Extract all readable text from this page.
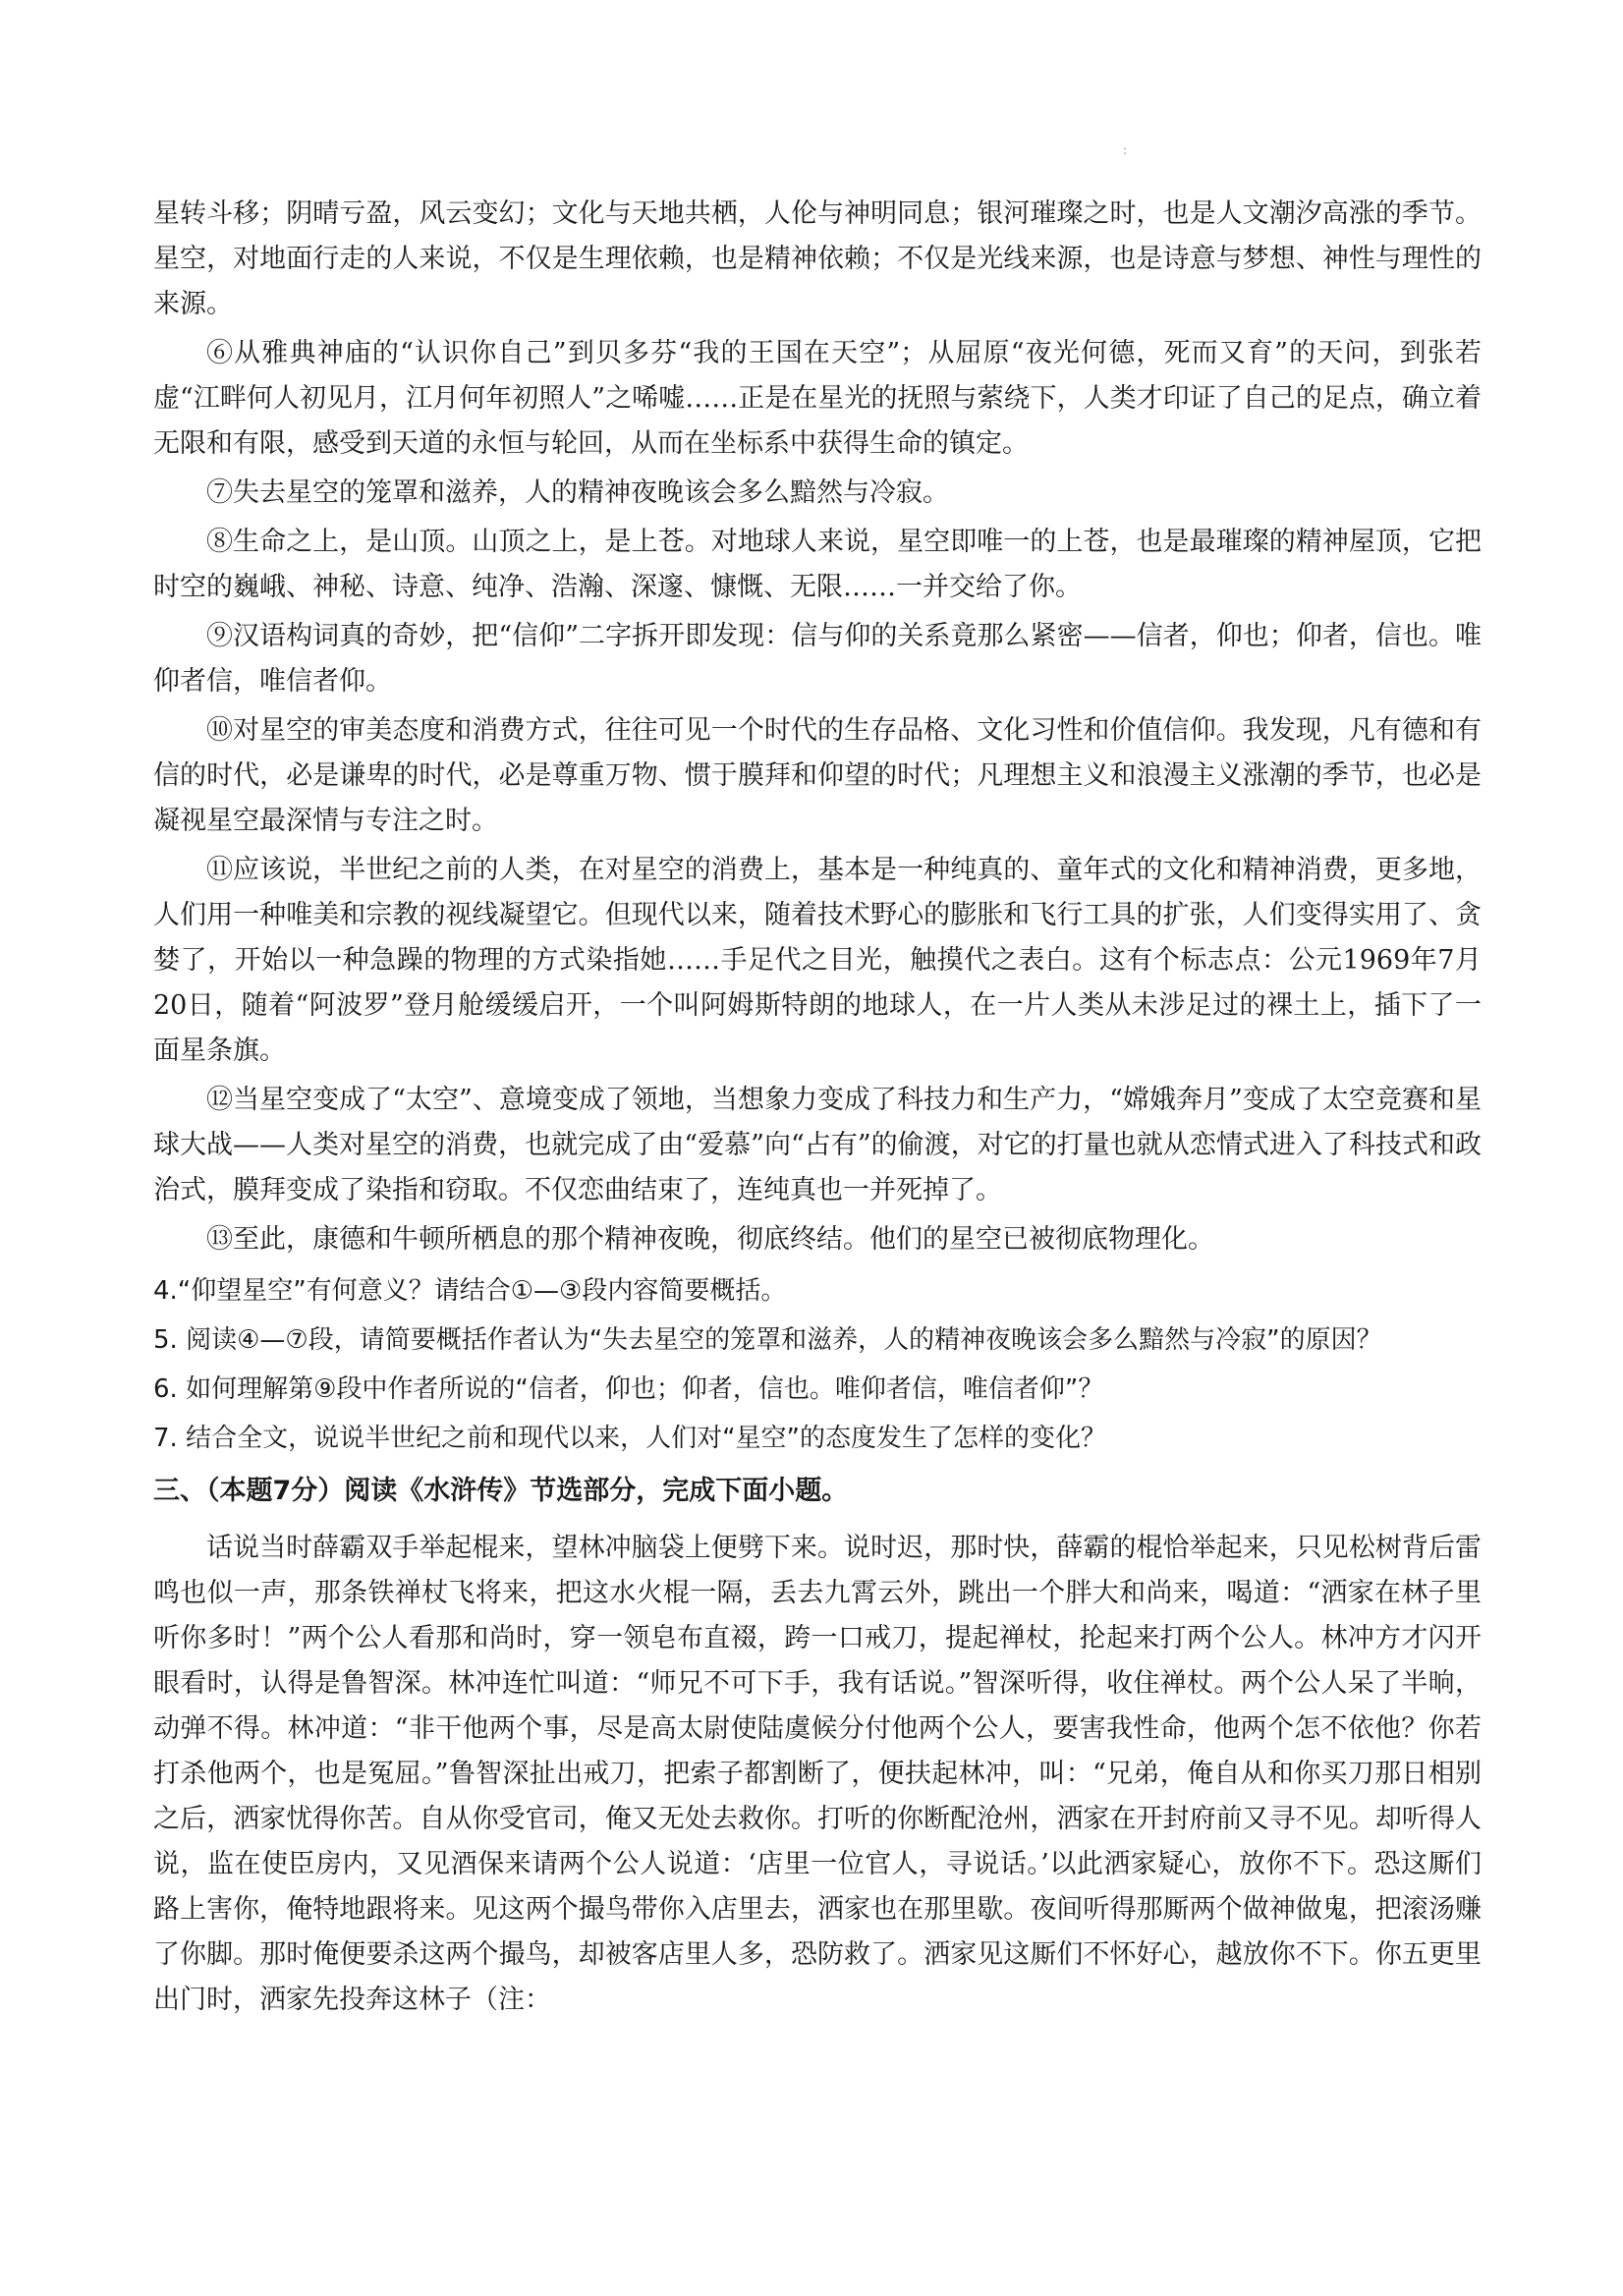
:

星转斗移；阴晴亏盈，风云变幻；文化与天地共栖，人伦与神明同息；银河璀璨之时，也是人文潮汐高涨的季节。星空，对地面行走的人来说，不仅是生理依赖，也是精神依赖；不仅是光线来源，也是诗意与梦想、神性与理性的来源。

⑥从雅典神庙的“认识你自己”到贝多芬“我的王国在天空”；从屈原“夜光何德，死而又育”的天问，到张若虚“江畔何人初见月，江月何年初照人”之唏嘘……正是在星光的抚照与萦绕下，人类才印证了自己的足点，确立着无限和有限，感受到天道的永恒与轮回，从而在坐标系中获得生命的镇定。

⑦失去星空的笼罩和滋养，人的精神夜晚该会多么黯然与冷寂。

⑧生命之上，是山顶。山顶之上，是上苍。对地球人来说，星空即唯一的上苍，也是最璀璨的精神屋顶，它把时空的巍峨、神秘、诗意、纯净、浩瀚、深邃、慷慨、无限……一并交给了你。

⑨汉语构词真的奇妙，把“信仰”二字拆开即发现：信与仰的关系竟那么紧密——信者，仰也；仰者，信也。唯仰者信，唯信者仰。

⑩对星空的审美态度和消费方式，往往可见一个时代的生存品格、文化习性和价值信仰。我发现，凡有德和有信的时代，必是谦卑的时代，必是尊重万物、惯于膜拜和仰望的时代；凡理想主义和浪漫主义涨潮的季节，也必是凝视星空最深情与专注之时。

⑪应该说，半世纪之前的人类，在对星空的消费上，基本是一种纯真的、童年式的文化和精神消费，更多地，人们用一种唯美和宗教的视线凝望它。但现代以来，随着技术野心的膨胀和飞行工具的扩张，人们变得实用了、贪婪了，开始以一种急躁的物理的方式染指她……手足代之目光，触摸代之表白。这有个标志点：公元1969年7月20日，随着“阿波罗”登月舱缓缓启开，一个叫阿姆斯特朗的地球人，在一片人类从未涉足过的裸土上，插下了一面星条旗。

⑫当星空变成了“太空”、意境变成了领地，当想象力变成了科技力和生产力，“嫦娥奔月”变成了太空竞赛和星球大战——人类对星空的消费，也就完成了由“爱慕”向“占有”的偷渡，对它的打量也就从恋情式进入了科技式和政治式，膜拜变成了染指和窃取。不仅恋曲结束了，连纯真也一并死掉了。

⑬至此，康德和牛顿所栖息的那个精神夜晚，彻底终结。他们的星空已被彻底物理化。

4.“仰望星空”有何意义？请结合①—③段内容简要概括。

5. 阅读④—⑦段，请简要概括作者认为“失去星空的笼罩和滋养，人的精神夜晚该会多么黯然与冷寂”的原因？

6. 如何理解第⑨段中作者所说的“信者，仰也；仰者，信也。唯仰者信，唯信者仰”？

7. 结合全文，说说半世纪之前和现代以来，人们对“星空”的态度发生了怎样的变化？

三、（本题7分）阅读《水浒传》节选部分，完成下面小题。

话说当时薛霸双手举起棍来，望林冲脑袋上便劈下来。说时迟，那时快，薛霸的棍恰举起来，只见松树背后雷鸣也似一声，那条铁禅杖飞将来，把这水火棍一隔，丢去九霄云外，跳出一个胖大和尚来，喝道：“洒家在林子里听你多时！”两个公人看那和尚时，穿一领皂布直裰，跨一口戒刀，提起禅杖，抡起来打两个公人。林冲方才闪开眼看时，认得是鲁智深。林冲连忙叫道：“师兄不可下手，我有话说。”智深听得，收住禅杖。两个公人呆了半晌，动弹不得。林冲道：“非干他两个事，尽是高太尉使陆虞候分付他两个公人，要害我性命，他两个怎不依他？你若打杀他两个，也是冤屈。”鲁智深扯出戒刀，把索子都割断了，便扶起林冲，叫：“兄弟，俺自从和你买刀那日相别之后，洒家忧得你苦。自从你受官司，俺又无处去救你。打听的你断配沧州，洒家在开封府前又寻不见。却听得人说，监在使臣房内，又见酒保来请两个公人说道：‘店里一位官人，寻说话。’以此洒家疑心，放你不下。恐这厮们路上害你，俺特地跟将来。见这两个撮鸟带你入店里去，洒家也在那里歇。夜间听得那厮两个做神做鬼，把滚汤赚了你脚。那时俺便要杀这两个撮鸟，却被客店里人多，恐防救了。洒家见这厮们不怀好心，越放你不下。你五更里出门时，洒家先投奔这林子（注：
